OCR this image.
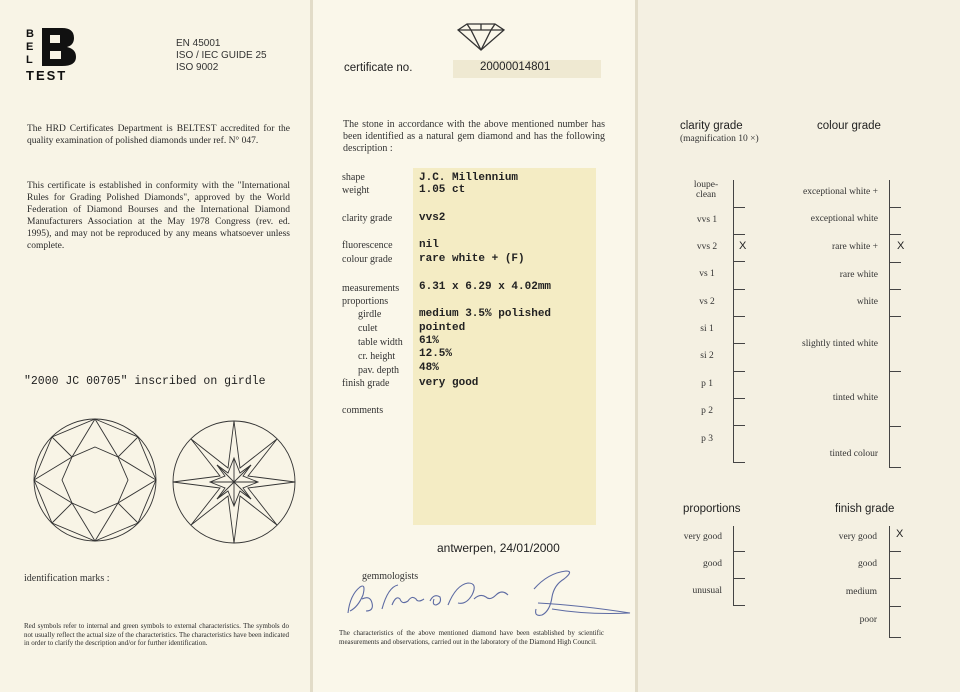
B
E
L
TEST
EN 45001
ISO / IEC GUIDE 25
ISO 9002
The HRD Certificates Department is BELTEST accredited for the quality examination of polished diamonds under ref. N° 047.
This certificate is established in conformity with the "International Rules for Grading Polished Diamonds", approved by the World Federation of Diamond Bourses and the International Diamond Manufacturers Association at the May 1978 Congress (rev. ed. 1995), and may not be reproduced by any means whatsoever unless complete.
"2000 JC 00705" inscribed on girdle
identification marks :
Red symbols refer to internal and green symbols to external characteristics. The symbols do not usually reflect the actual size of the characteristics. The characteristics have been indicated in order to clarify the description and/or for further identification.
certificate no.	20000014801
The stone in accordance with the above mentioned number has been identified as a natural gem diamond and has the following description :
shape	J.C. Millennium
weight	1.05 ct
clarity grade vvs2
fluorescence nil
colour grade rare white + (F)
measurements 6.31 x 6.29 x 4.02mm
proportions
girdle	medium 3.5% polished
culet	pointed
table width 61%
cr. height 12.5%
pav. depth 48%
finish grade	very good
comments
antwerpen, 24/01/2000
gemmologists
The characteristics of the above mentioned diamond have been established by scientific measurements and observations, carried out in the laboratory of the Diamond High Council.
clarity grade
(magnification 10 ×)
colour grade
loupe-clean
vvs 1
vvs 2
vs 1
vs 2
si 1
si 2
p 1
p 2
p 3
X
exceptional white +
exceptional white
rare white +
rare white
white
slightly tinted white
tinted white
tinted colour
X
proportions
very good
good
unusual
finish grade
very good
good
medium
poor
X
